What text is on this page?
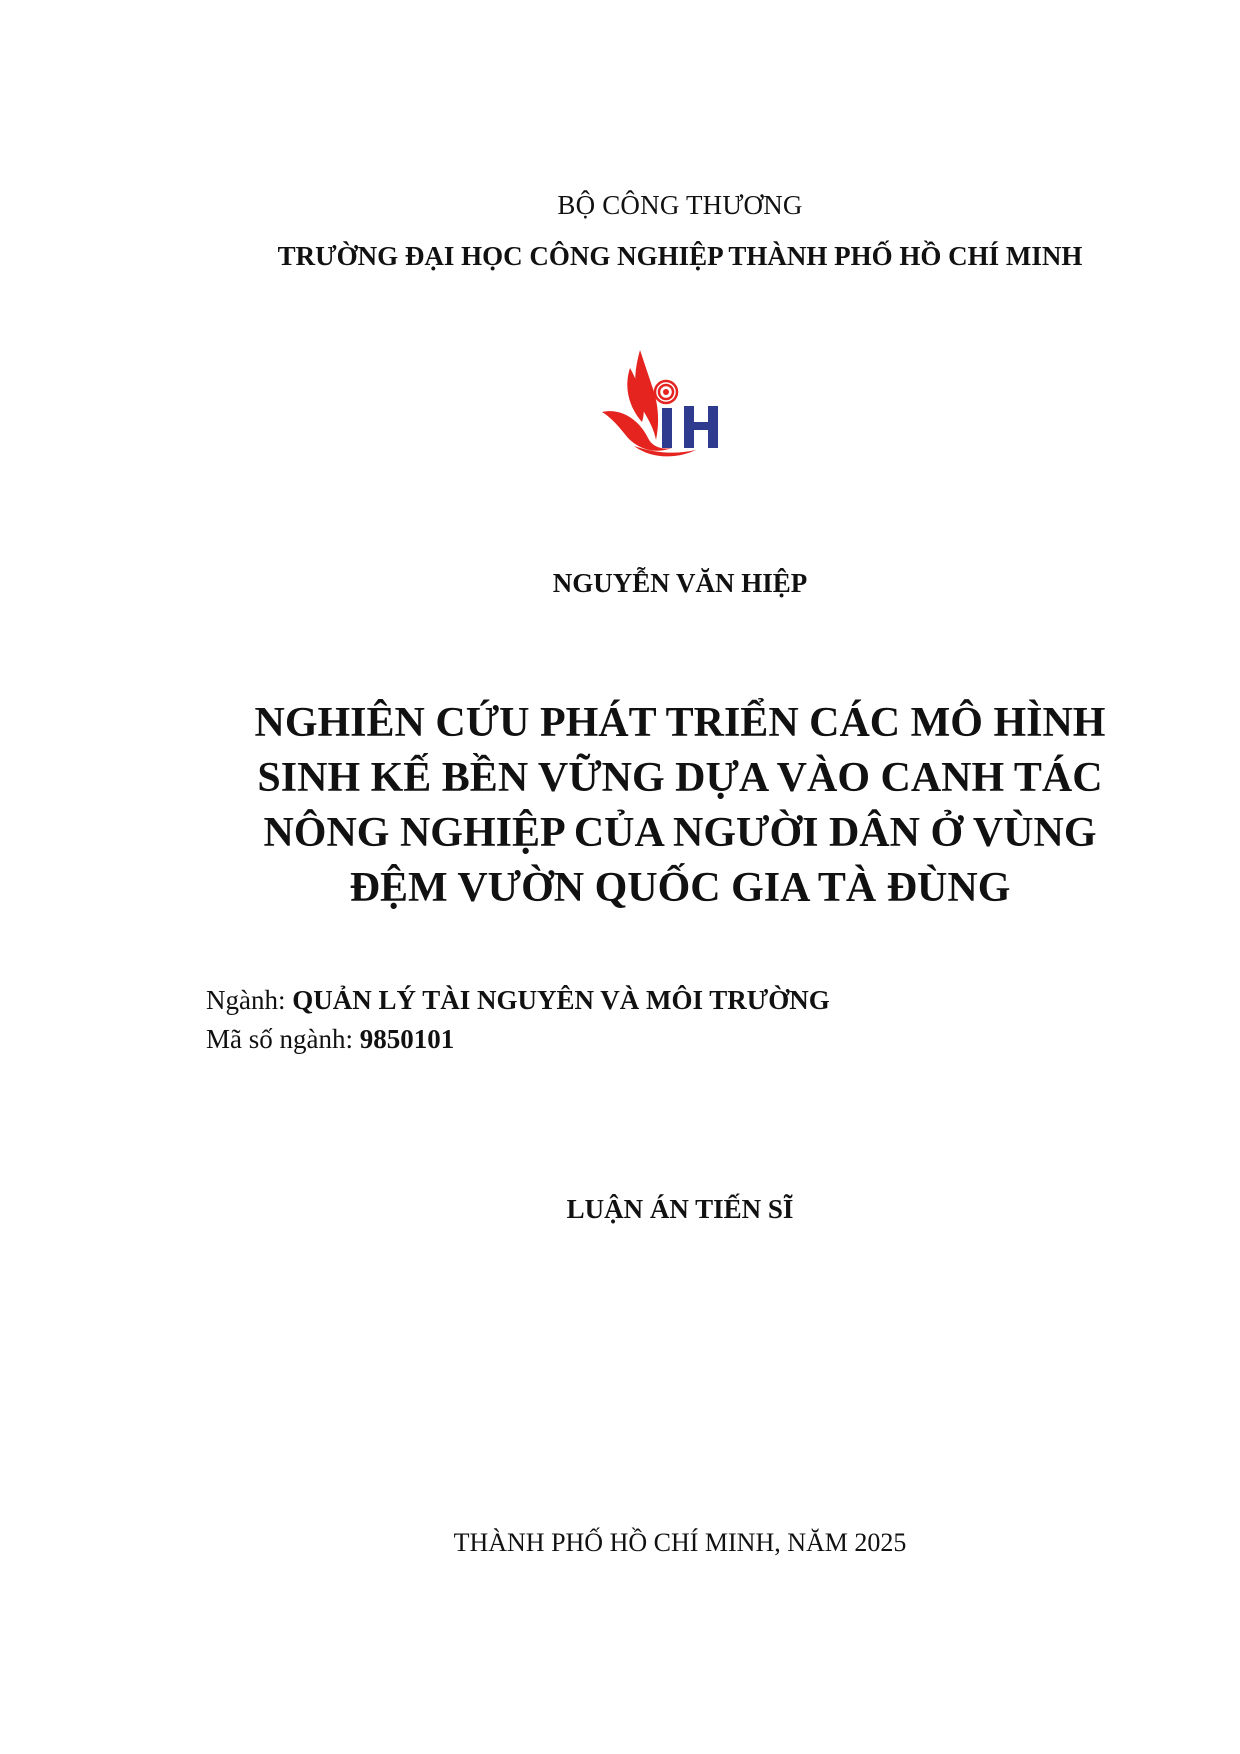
BỘ CÔNG THƯƠNG
TRƯỜNG ĐẠI HỌC CÔNG NGHIỆP THÀNH PHỐ HỒ CHÍ MINH
NGUYỄN VĂN HIỆP
NGHIÊN CỨU PHÁT TRIỂN CÁC MÔ HÌNH
SINH KẾ BỀN VỮNG DỰA VÀO CANH TÁC
NÔNG NGHIỆP CỦA NGƯỜI DÂN Ở VÙNG
ĐỆM VƯỜN QUỐC GIA TÀ ĐÙNG
Ngành: QUẢN LÝ TÀI NGUYÊN VÀ MÔI TRƯỜNG
Mã số ngành: 9850101
LUẬN ÁN TIẾN SĨ
THÀNH PHỐ HỒ CHÍ MINH, NĂM 2025
